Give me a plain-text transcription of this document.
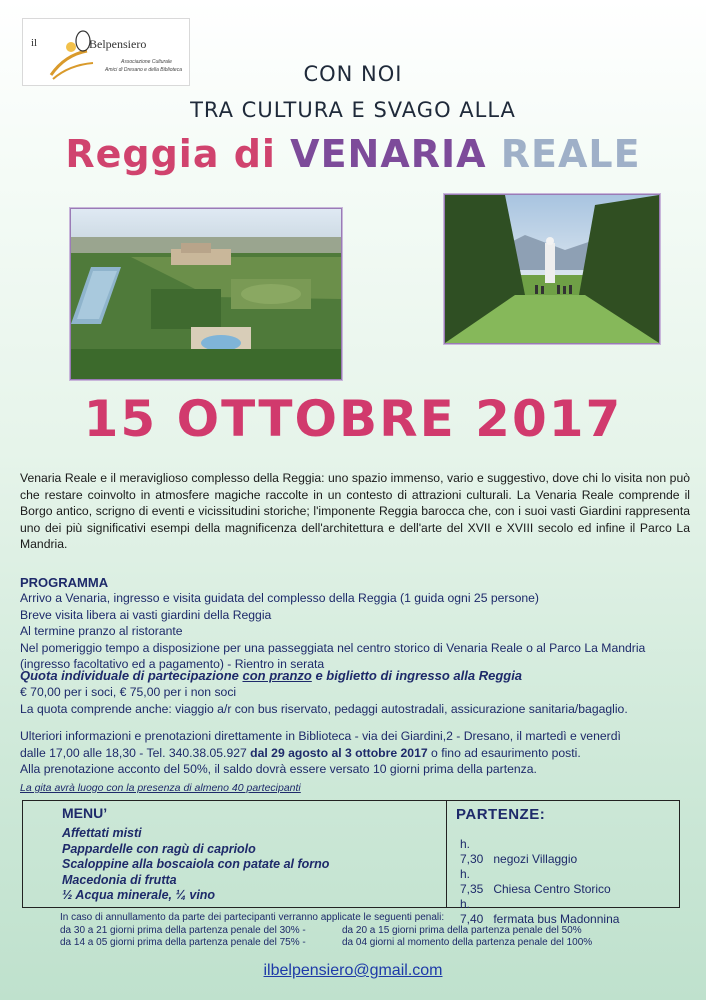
il	Belpensiero
Associazione Culturale
Amici di Dresano e della Biblioteca	CON NOI
TRA CULTURA E SVAGO ALLA
Reggia di VENARIA REALE
15 OTTOBRE 2017
Venaria Reale e il meraviglioso complesso della Reggia: uno spazio immenso, vario e suggestivo, dove chi lo visita non può che restare coinvolto in atmosfere magiche raccolte in un contesto di attrazioni culturali. La Venaria Reale comprende il Borgo antico, scrigno di eventi e vicissitudini storiche; l'imponente Reggia barocca che, con i suoi vasti Giardini rappresenta uno dei più significativi esempi della magnificenza dell'architettura e dell'arte del XVII e XVIII secolo ed infine il Parco La Mandria.
PROGRAMMA
Arrivo a Venaria, ingresso e visita guidata del complesso della Reggia (1 guida ogni 25 persone)
Breve visita libera ai vasti giardini della Reggia
Al termine pranzo al ristorante
Nel pomeriggio tempo a disposizione per una passeggiata nel centro storico di Venaria Reale o al Parco La Mandria (ingresso facoltativo ed a pagamento) - Rientro in serata
Quota individuale di partecipazione con pranzo e biglietto di ingresso alla Reggia
€ 70,00 per i soci, € 75,00 per i non soci
La quota comprende anche: viaggio a/r con bus riservato, pedaggi autostradali, assicurazione sanitaria/bagaglio.
Ulteriori informazioni e prenotazioni direttamente in Biblioteca - via dei Giardini,2 - Dresano, il martedì e venerdì
dalle 17,00 alle 18,30 - Tel. 340.38.05.927 dal 29 agosto al 3 ottobre 2017 o fino ad esaurimento posti.
Alla prenotazione acconto del 50%, il saldo dovrà essere versato 10 giorni prima della partenza.
La gita avrà luogo con la presenza di almeno 40 partecipanti
MENU’
Affettati misti
Pappardelle con ragù di capriolo
Scaloppine alla boscaiola con patate al forno
Macedonia di frutta
½ Acqua minerale, ¼ vino
PARTENZE:
h. 7,30 negozi Villaggio
h. 7,35 Chiesa Centro Storico
h. 7,40 fermata bus Madonnina
In caso di annullamento da parte dei partecipanti verranno applicate le seguenti penali:
da 30 a 21 giorni prima della partenza penale del 30% -	da 20 a 15 giorni prima della partenza penale del 50%
da 14 a 05 giorni prima della partenza penale del 75% -	da 04 giorni al momento della partenza penale del 100%
ilbelpensiero@gmail.com
